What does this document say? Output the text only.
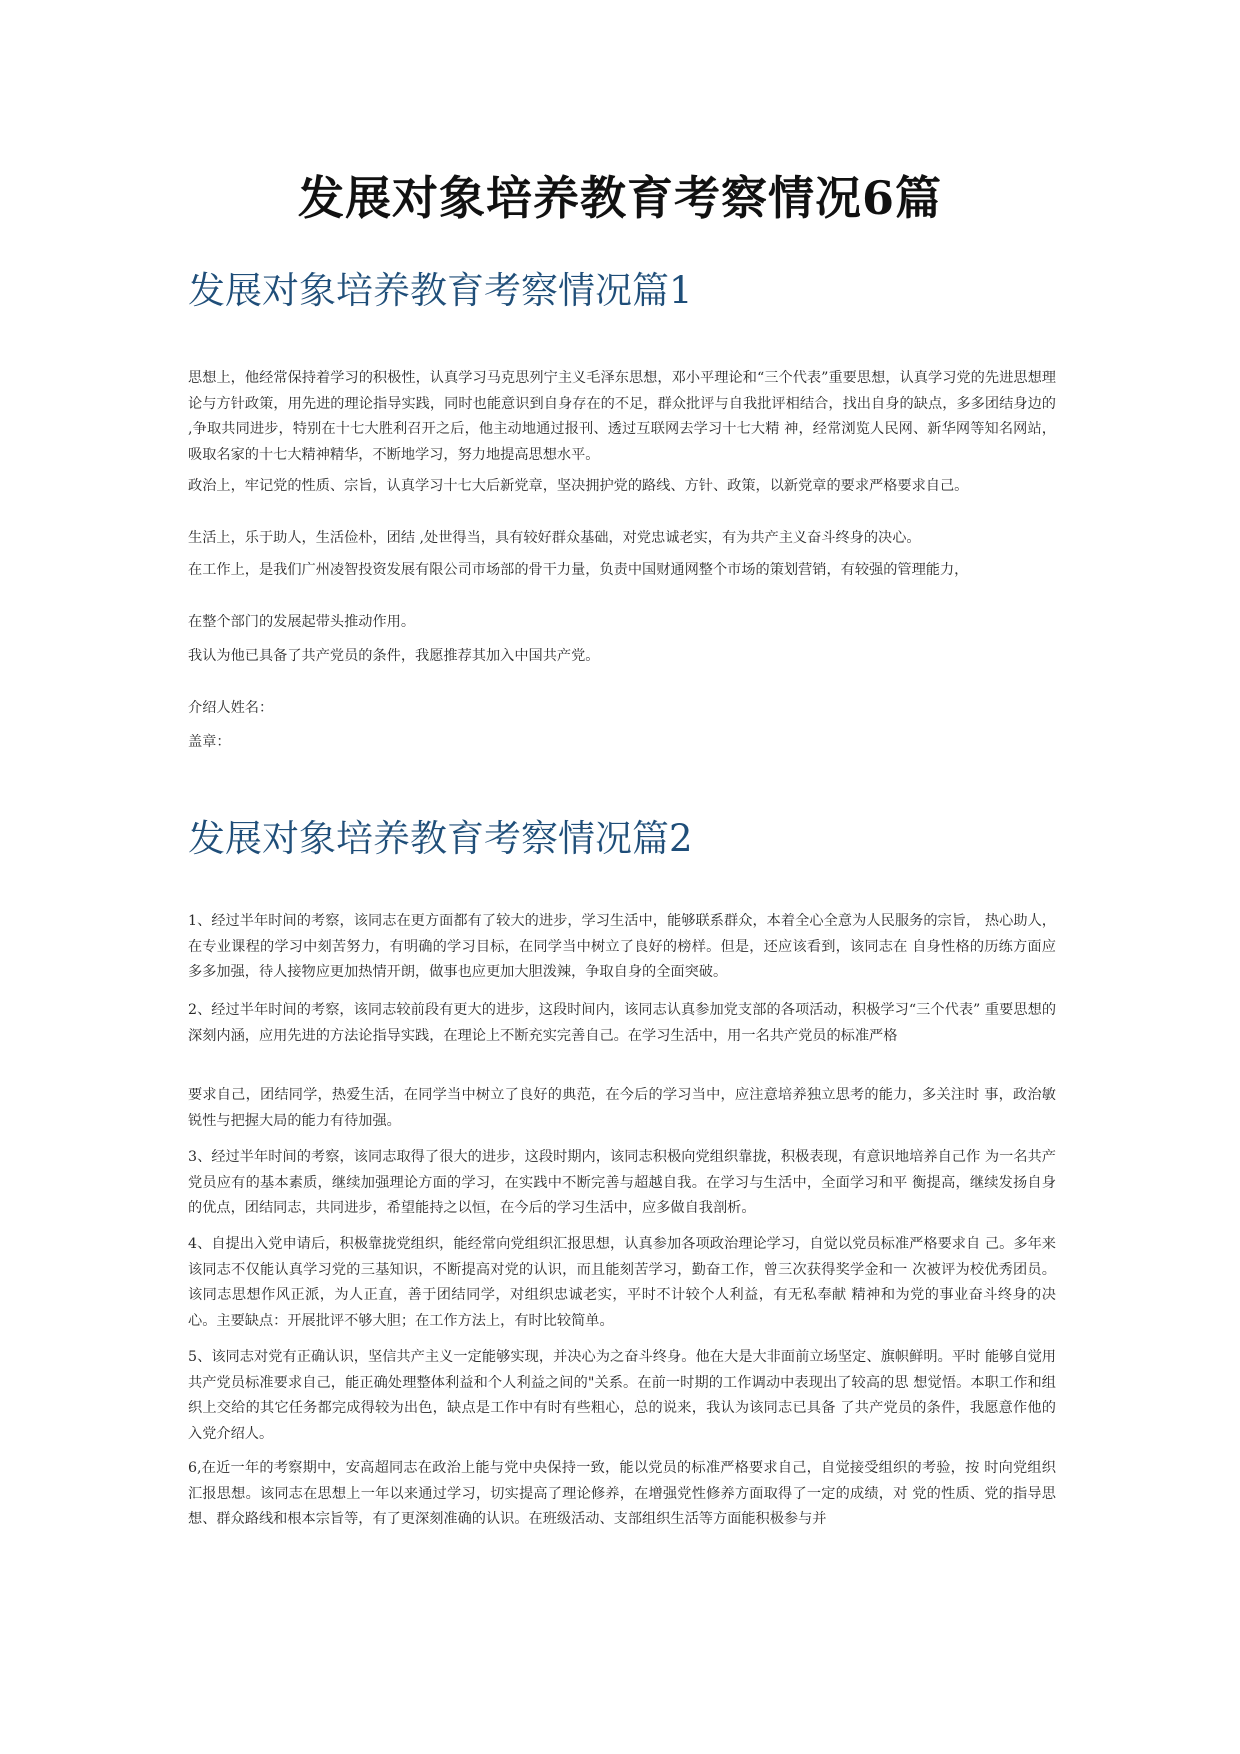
发展对象培养教育考察情况6篇
发展对象培养教育考察情况篇1

思想上，他经常保持着学习的积极性，认真学习马克思列宁主义毛泽东思想，邓小平理论和“三个代表”重要思想，认真学习党的先进思想理论与方针政策，用先进的理论指导实践，同时也能意识到自身存在的不足，群众批评与自我批评相结合，找出自身的缺点，多多团结身边的 ,争取共同进步，特别在十七大胜利召开之后，他主动地通过报刊、透过互联网去学习十七大精 神，经常浏览人民网、新华网等知名网站，吸取名家的十七大精神精华，不断地学习，努力地提高思想水平。

政治上，牢记党的性质、宗旨，认真学习十七大后新党章，坚决拥护党的路线、方针、政策，以新党章的要求严格要求自己。

生活上，乐于助人，生活俭朴，团结 ,处世得当，具有较好群众基础，对党忠诚老实，有为共产主义奋斗终身的决心。

在工作上，是我们广州凌智投资发展有限公司市场部的骨干力量，负责中国财通网整个市场的策划营销，有较强的管理能力，

在整个部门的发展起带头推动作用。

我认为他已具备了共产党员的条件，我愿推荐其加入中国共产党。

介绍人姓名：

盖章：

发展对象培养教育考察情况篇2

1、经过半年时间的考察，该同志在更方面都有了较大的进步，学习生活中，能够联系群众，本着全心全意为人民服务的宗旨， 热心助人，在专业课程的学习中刻苦努力，有明确的学习目标，在同学当中树立了良好的榜样。但是，还应该看到，该同志在 自身性格的历练方面应多多加强，待人接物应更加热情开朗，做事也应更加大胆泼辣，争取自身的全面突破。

2、经过半年时间的考察，该同志较前段有更大的进步，这段时间内，该同志认真参加党支部的各项活动，积极学习“三个代表” 重要思想的深刻内涵，应用先进的方法论指导实践，在理论上不断充实完善自己。在学习生活中，用一名共产党员的标准严格

要求自己，团结同学，热爱生活，在同学当中树立了良好的典范，在今后的学习当中，应注意培养独立思考的能力，多关注时 事，政治敏锐性与把握大局的能力有待加强。

3、经过半年时间的考察，该同志取得了很大的进步，这段时期内，该同志积极向党组织靠拢，积极表现，有意识地培养自己作 为一名共产党员应有的基本素质，继续加强理论方面的学习，在实践中不断完善与超越自我。在学习与生活中，全面学习和平 衡提高，继续发扬自身的优点，团结同志，共同进步，希望能持之以恒，在今后的学习生活中，应多做自我剖析。

4、自提出入党申请后，积极靠拢党组织，能经常向党组织汇报思想，认真参加各项政治理论学习，自觉以党员标准严格要求自 己。多年来该同志不仅能认真学习党的三基知识，不断提高对党的认识，而且能刻苦学习，勤奋工作，曾三次获得奖学金和一 次被评为校优秀团员。该同志思想作风正派，为人正直，善于团结同学，对组织忠诚老实，平时不计较个人利益，有无私奉献 精神和为党的事业奋斗终身的决心。主要缺点：开展批评不够大胆；在工作方法上，有时比较简单。

5、该同志对党有正确认识，坚信共产主义一定能够实现，并决心为之奋斗终身。他在大是大非面前立场坚定、旗帜鲜明。平时 能够自觉用共产党员标准要求自己，能正确处理整体利益和个人利益之间的"关系。在前一时期的工作调动中表现出了较高的思 想觉悟。本职工作和组织上交给的其它任务都完成得较为出色，缺点是工作中有时有些粗心，总的说来，我认为该同志已具备 了共产党员的条件，我愿意作他的入党介绍人。

6,在近一年的考察期中，安高超同志在政治上能与党中央保持一致，能以党员的标准严格要求自己，自觉接受组织的考验，按 时向党组织汇报思想。该同志在思想上一年以来通过学习，切实提高了理论修养，在增强党性修养方面取得了一定的成绩，对 党的性质、党的指导思想、群众路线和根本宗旨等，有了更深刻准确的认识。在班级活动、支部组织生活等方面能积极参与并
